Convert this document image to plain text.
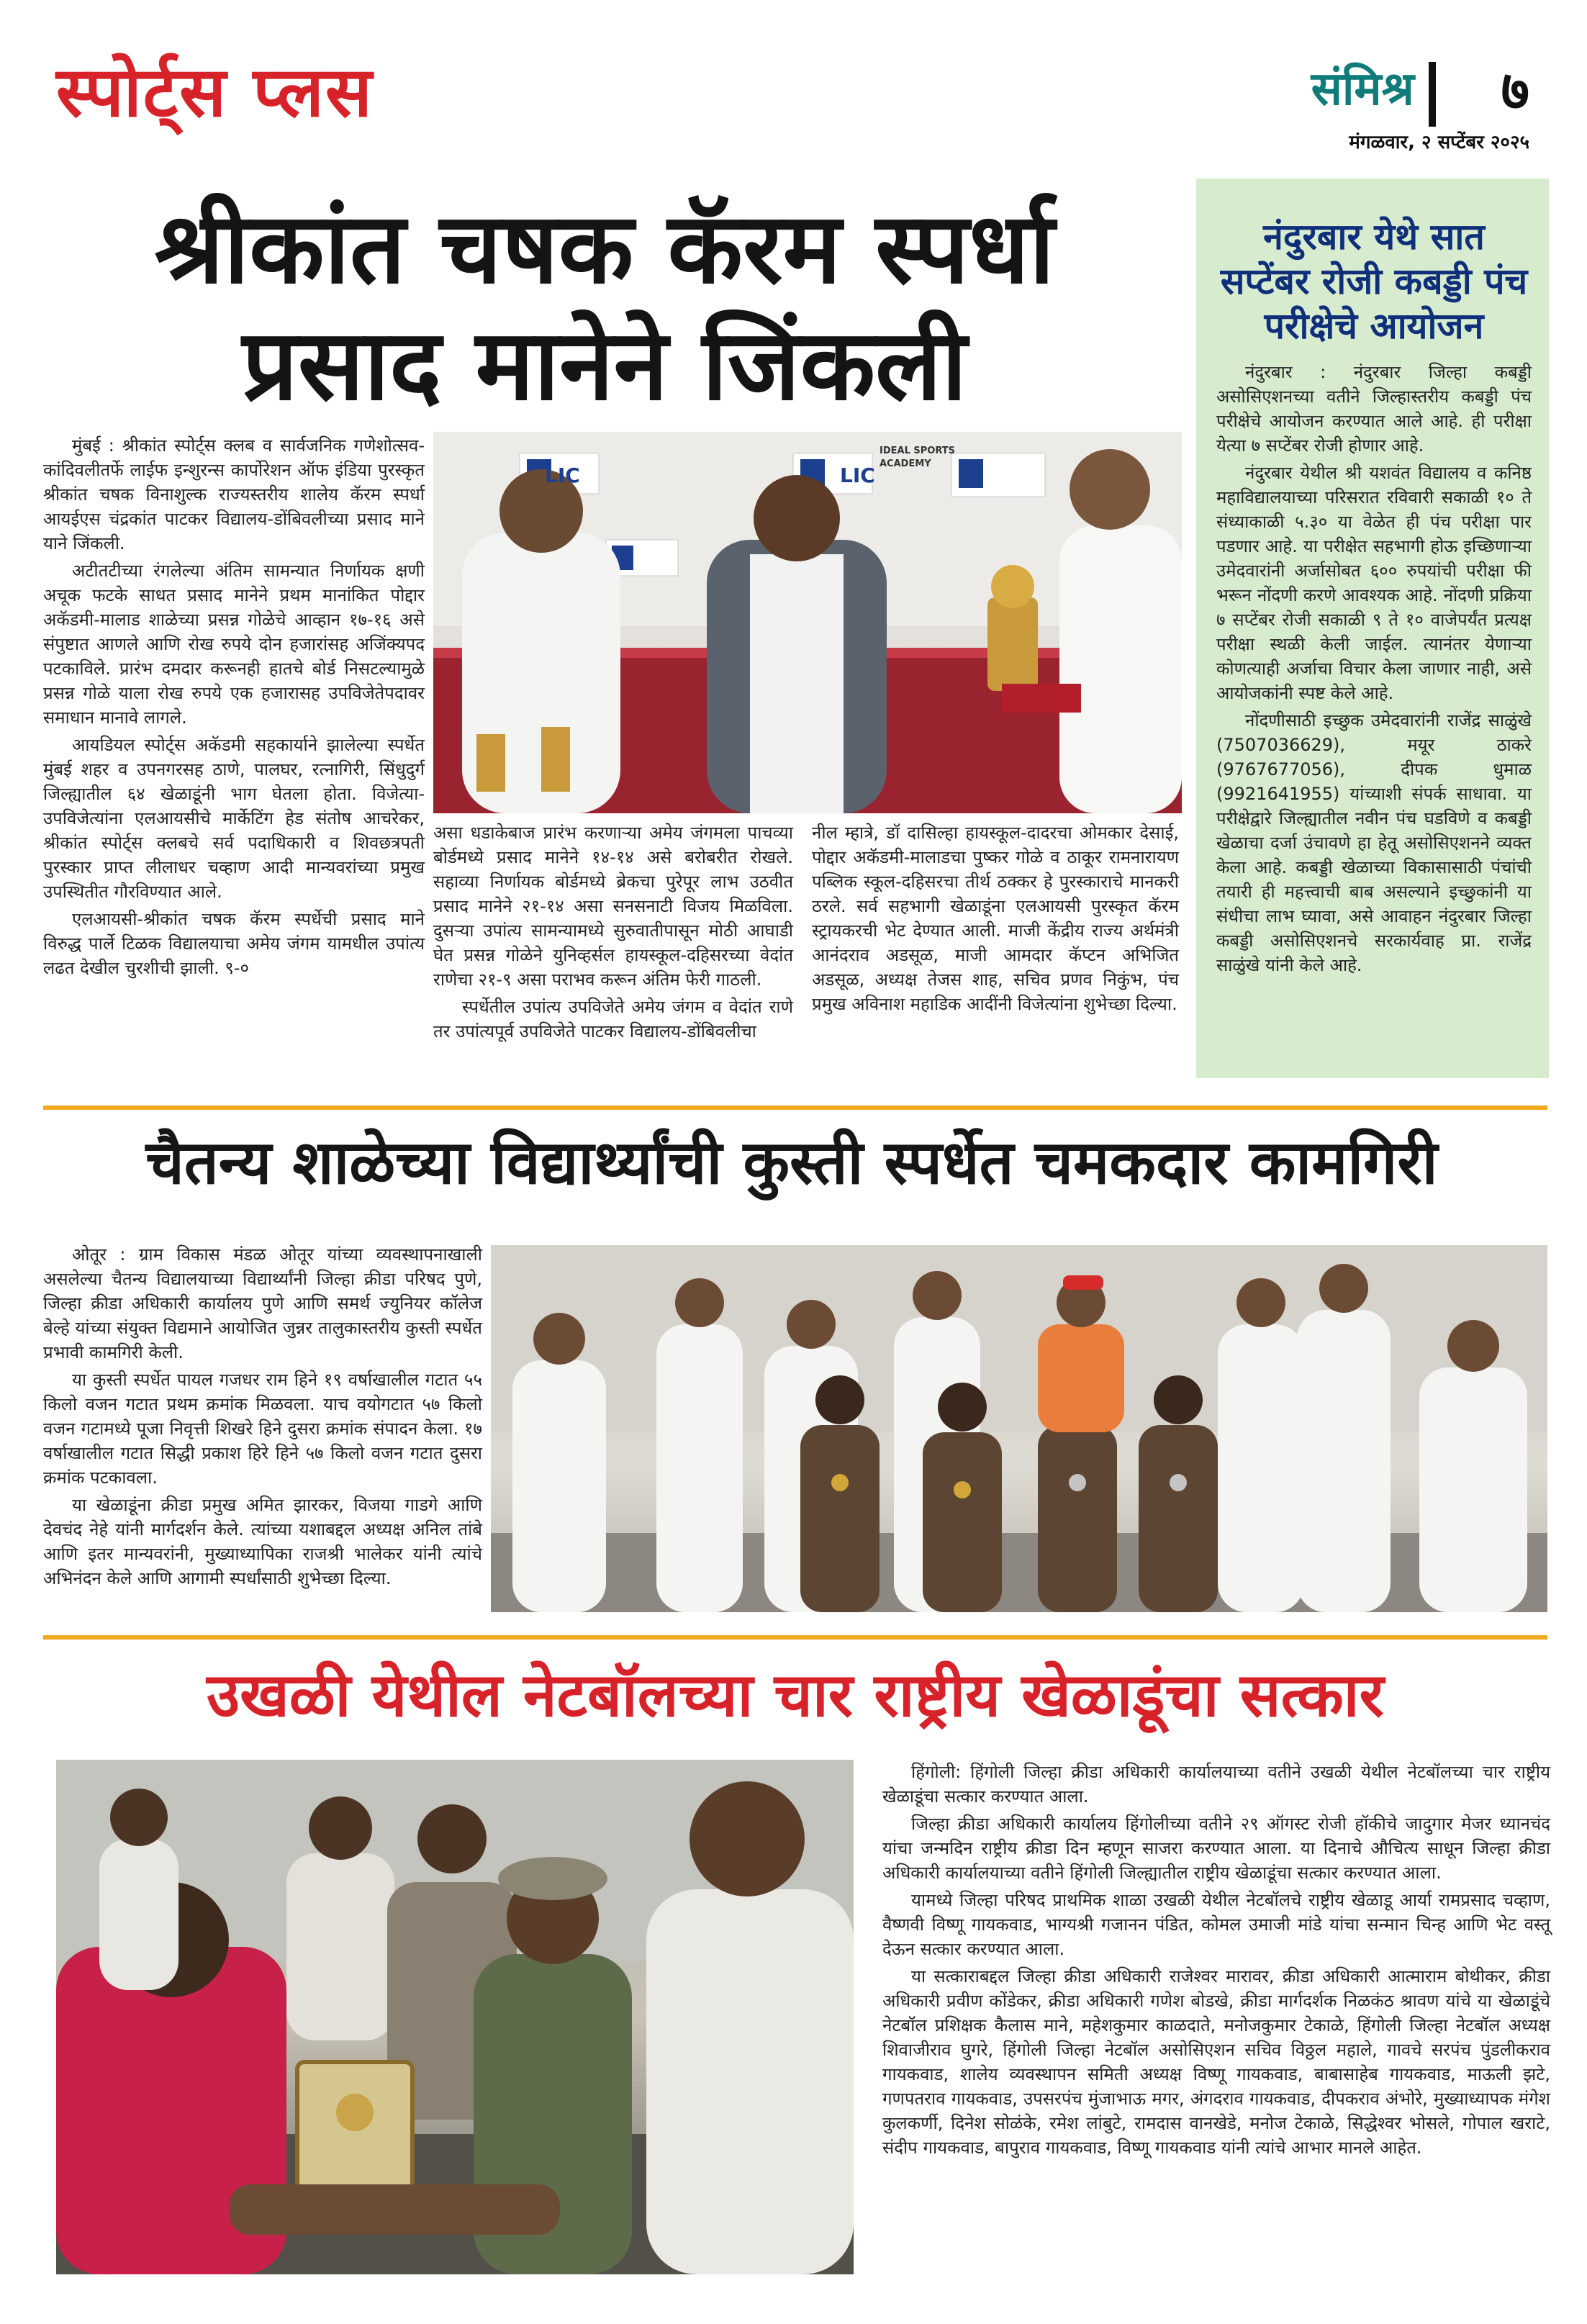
स्पोर्ट्स प्लस	संमिश्र ७
मंगळवार, २ सप्टेंबर २०२५
श्रीकांत चषक कॅरम स्पर्धा
प्रसाद मानेने जिंकली

मुंबई : श्रीकांत स्पोर्ट्स क्लब व सार्वजनिक गणेशोत्सव-कांदिवलीतर्फे लाईफ इन्शुरन्स कार्पोरेशन ऑफ इंडिया पुरस्कृत श्रीकांत चषक विनाशुल्क राज्यस्तरीय शालेय कॅरम स्पर्धा आयईएस चंद्रकांत पाटकर विद्यालय-डोंबिवलीच्या प्रसाद माने याने जिंकली.

अटीतटीच्या रंगलेल्या अंतिम सामन्यात निर्णायक क्षणी अचूक फटके साधत प्रसाद मानेने प्रथम मानांकित पोद्दार अकॅडमी-मालाड शाळेच्या प्रसन्न गोळेचे आव्हान १७-१६ असे संपुष्टात आणले आणि रोख रुपये दोन हजारांसह अजिंक्यपद पटकाविले. प्रारंभ दमदार करूनही हातचे बोर्ड निसटल्यामुळे प्रसन्न गोळे याला रोख रुपये एक हजारासह उपविजेतेपदावर समाधान मानावे लागले.

आयडियल स्पोर्ट्स अकॅडमी सहकार्याने झालेल्या स्पर्धेत मुंबई शहर व उपनगरसह ठाणे, पालघर, रत्नागिरी, सिंधुदुर्ग जिल्ह्यातील ६४ खेळाडूंनी भाग घेतला होता. विजेत्या-उपविजेत्यांना एलआयसीचे मार्केटिंग हेड संतोष आचरेकर, श्रीकांत स्पोर्ट्स क्लबचे सर्व पदाधिकारी व शिवछत्रपती पुरस्कार प्राप्त लीलाधर चव्हाण आदी मान्यवरांच्या प्रमुख उपस्थितीत गौरविण्यात आले.

एलआयसी-श्रीकांत चषक कॅरम स्पर्धेची प्रसाद माने विरुद्ध पार्ले टिळक विद्यालयाचा अमेय जंगम यामधील उपांत्य लढत देखील चुरशीची झाली. ९-०

LIC
IDEAL SPORTS ACADEMY
LIC

असा धडाकेबाज प्रारंभ करणाऱ्या अमेय जंगमला पाचव्या बोर्डमध्ये प्रसाद मानेने १४-१४ असे बरोबरीत रोखले. सहाव्या निर्णायक बोर्डमध्ये ब्रेकचा पुरेपूर लाभ उठवीत प्रसाद मानेने २१-१४ असा सनसनाटी विजय मिळविला. दुसऱ्या उपांत्य सामन्यामध्ये सुरुवातीपासून मोठी आघाडी घेत प्रसन्न गोळेने युनिव्हर्सल हायस्कूल-दहिसरच्या वेदांत राणेचा २१-९ असा पराभव करून अंतिम फेरी गाठली.

स्पर्धेतील उपांत्य उपविजेते अमेय जंगम व वेदांत राणे तर उपांत्यपूर्व उपविजेते पाटकर विद्यालय-डोंबिवलीचा

नील म्हात्रे, डॉ दासिल्हा हायस्कूल-दादरचा ओमकार देसाई, पोद्दार अकॅडमी-मालाडचा पुष्कर गोळे व ठाकूर रामनारायण पब्लिक स्कूल-दहिसरचा तीर्थ ठक्कर हे पुरस्काराचे मानकरी ठरले. सर्व सहभागी खेळाडूंना एलआयसी पुरस्कृत कॅरम स्ट्रायकरची भेट देण्यात आली. माजी केंद्रीय राज्य अर्थमंत्री आनंदराव अडसूळ, माजी आमदार कॅप्टन अभिजित अडसूळ, अध्यक्ष तेजस शाह, सचिव प्रणव निकुंभ, पंच प्रमुख अविनाश महाडिक आदींनी विजेत्यांना शुभेच्छा दिल्या.

नंदुरबार येथे सात सप्टेंबर रोजी कबड्डी पंच परीक्षेचे आयोजन

नंदुरबार : नंदुरबार जिल्हा कबड्डी असोसिएशनच्या वतीने जिल्हास्तरीय कबड्डी पंच परीक्षेचे आयोजन करण्यात आले आहे. ही परीक्षा येत्या ७ सप्टेंबर रोजी होणार आहे.

नंदुरबार येथील श्री यशवंत विद्यालय व कनिष्ठ महाविद्यालयाच्या परिसरात रविवारी सकाळी १० ते संध्याकाळी ५.३० या वेळेत ही पंच परीक्षा पार पडणार आहे. या परीक्षेत सहभागी होऊ इच्छिणाऱ्या उमेदवारांनी अर्जासोबत ६०० रुपयांची परीक्षा फी भरून नोंदणी करणे आवश्यक आहे. नोंदणी प्रक्रिया ७ सप्टेंबर रोजी सकाळी ९ ते १० वाजेपर्यंत प्रत्यक्ष परीक्षा स्थळी केली जाईल. त्यानंतर येणाऱ्या कोणत्याही अर्जाचा विचार केला जाणार नाही, असे आयोजकांनी स्पष्ट केले आहे.

नोंदणीसाठी इच्छुक उमेदवारांनी राजेंद्र साळुंखे (7507036629), मयूर ठाकरे (9767677056), दीपक धुमाळ (9921641955) यांच्याशी संपर्क साधावा. या परीक्षेद्वारे जिल्ह्यातील नवीन पंच घडविणे व कबड्डी खेळाचा दर्जा उंचावणे हा हेतू असोसिएशनने व्यक्त केला आहे. कबड्डी खेळाच्या विकासासाठी पंचांची तयारी ही महत्त्वाची बाब असल्याने इच्छुकांनी या संधीचा लाभ घ्यावा, असे आवाहन नंदुरबार जिल्हा कबड्डी असोसिएशनचे सरकार्यवाह प्रा. राजेंद्र साळुंखे यांनी केले आहे.

चैतन्य शाळेच्या विद्यार्थ्यांची कुस्ती स्पर्धेत चमकदार कामगिरी

ओतूर : ग्राम विकास मंडळ ओतूर यांच्या व्यवस्थापनाखाली असलेल्या चैतन्य विद्यालयाच्या विद्यार्थ्यांनी जिल्हा क्रीडा परिषद पुणे, जिल्हा क्रीडा अधिकारी कार्यालय पुणे आणि समर्थ ज्युनियर कॉलेज बेल्हे यांच्या संयुक्त विद्यमाने आयोजित जुन्नर तालुकास्तरीय कुस्ती स्पर्धेत प्रभावी कामगिरी केली.

या कुस्ती स्पर्धेत पायल गजधर राम हिने १९ वर्षाखालील गटात ५५ किलो वजन गटात प्रथम क्रमांक मिळवला. याच वयोगटात ५७ किलो वजन गटामध्ये पूजा निवृत्ती शिखरे हिने दुसरा क्रमांक संपादन केला. १७ वर्षाखालील गटात सिद्धी प्रकाश हिरे हिने ५७ किलो वजन गटात दुसरा क्रमांक पटकावला.

या खेळाडूंना क्रीडा प्रमुख अमित झारकर, विजया गाडगे आणि देवचंद नेहे यांनी मार्गदर्शन केले. त्यांच्या यशाबद्दल अध्यक्ष अनिल तांबे आणि इतर मान्यवरांनी, मुख्याध्यापिका राजश्री भालेकर यांनी त्यांचे अभिनंदन केले आणि आगामी स्पर्धांसाठी शुभेच्छा दिल्या.

उखळी येथील नेटबॉलच्या चार राष्ट्रीय खेळाडूंचा सत्कार

हिंगोली: हिंगोली जिल्हा क्रीडा अधिकारी कार्यालयाच्या वतीने उखळी येथील नेटबॉलच्या चार राष्ट्रीय खेळाडूंचा सत्कार करण्यात आला.

जिल्हा क्रीडा अधिकारी कार्यालय हिंगोलीच्या वतीने २९ ऑगस्ट रोजी हॉकीचे जादुगार मेजर ध्यानचंद यांचा जन्मदिन राष्ट्रीय क्रीडा दिन म्हणून साजरा करण्यात आला. या दिनाचे औचित्य साधून जिल्हा क्रीडा अधिकारी कार्यालयाच्या वतीने हिंगोली जिल्ह्यातील राष्ट्रीय खेळाडूंचा सत्कार करण्यात आला.

यामध्ये जिल्हा परिषद प्राथमिक शाळा उखळी येथील नेटबॉलचे राष्ट्रीय खेळाडू आर्या रामप्रसाद चव्हाण, वैष्णवी विष्णू गायकवाड, भाग्यश्री गजानन पंडित, कोमल उमाजी मांडे यांचा सन्मान चिन्ह आणि भेट वस्तू देऊन सत्कार करण्यात आला.

या सत्काराबद्दल जिल्हा क्रीडा अधिकारी राजेश्वर मारावर, क्रीडा अधिकारी आत्माराम बोथीकर, क्रीडा अधिकारी प्रवीण कोंडेकर, क्रीडा अधिकारी गणेश बोडखे, क्रीडा मार्गदर्शक निळकंठ श्रावण यांचे या खेळाडूंचे नेटबॉल प्रशिक्षक कैलास माने, महेशकुमार काळदाते, मनोजकुमार टेकाळे, हिंगोली जिल्हा नेटबॉल अध्यक्ष शिवाजीराव घुगरे, हिंगोली जिल्हा नेटबॉल असोसिएशन सचिव विठ्ठल महाले, गावचे सरपंच पुंडलीकराव गायकवाड, शालेय व्यवस्थापन समिती अध्यक्ष विष्णू गायकवाड, बाबासाहेब गायकवाड, माऊली झटे, गणपतराव गायकवाड, उपसरपंच मुंजाभाऊ मगर, अंगदराव गायकवाड, दीपकराव अंभोरे, मुख्याध्यापक मंगेश कुलकर्णी, दिनेश सोळंके, रमेश लांबुटे, रामदास वानखेडे, मनोज टेकाळे, सिद्धेश्वर भोसले, गोपाल खराटे, संदीप गायकवाड, बापुराव गायकवाड, विष्णू गायकवाड यांनी त्यांचे आभार मानले आहेत.
